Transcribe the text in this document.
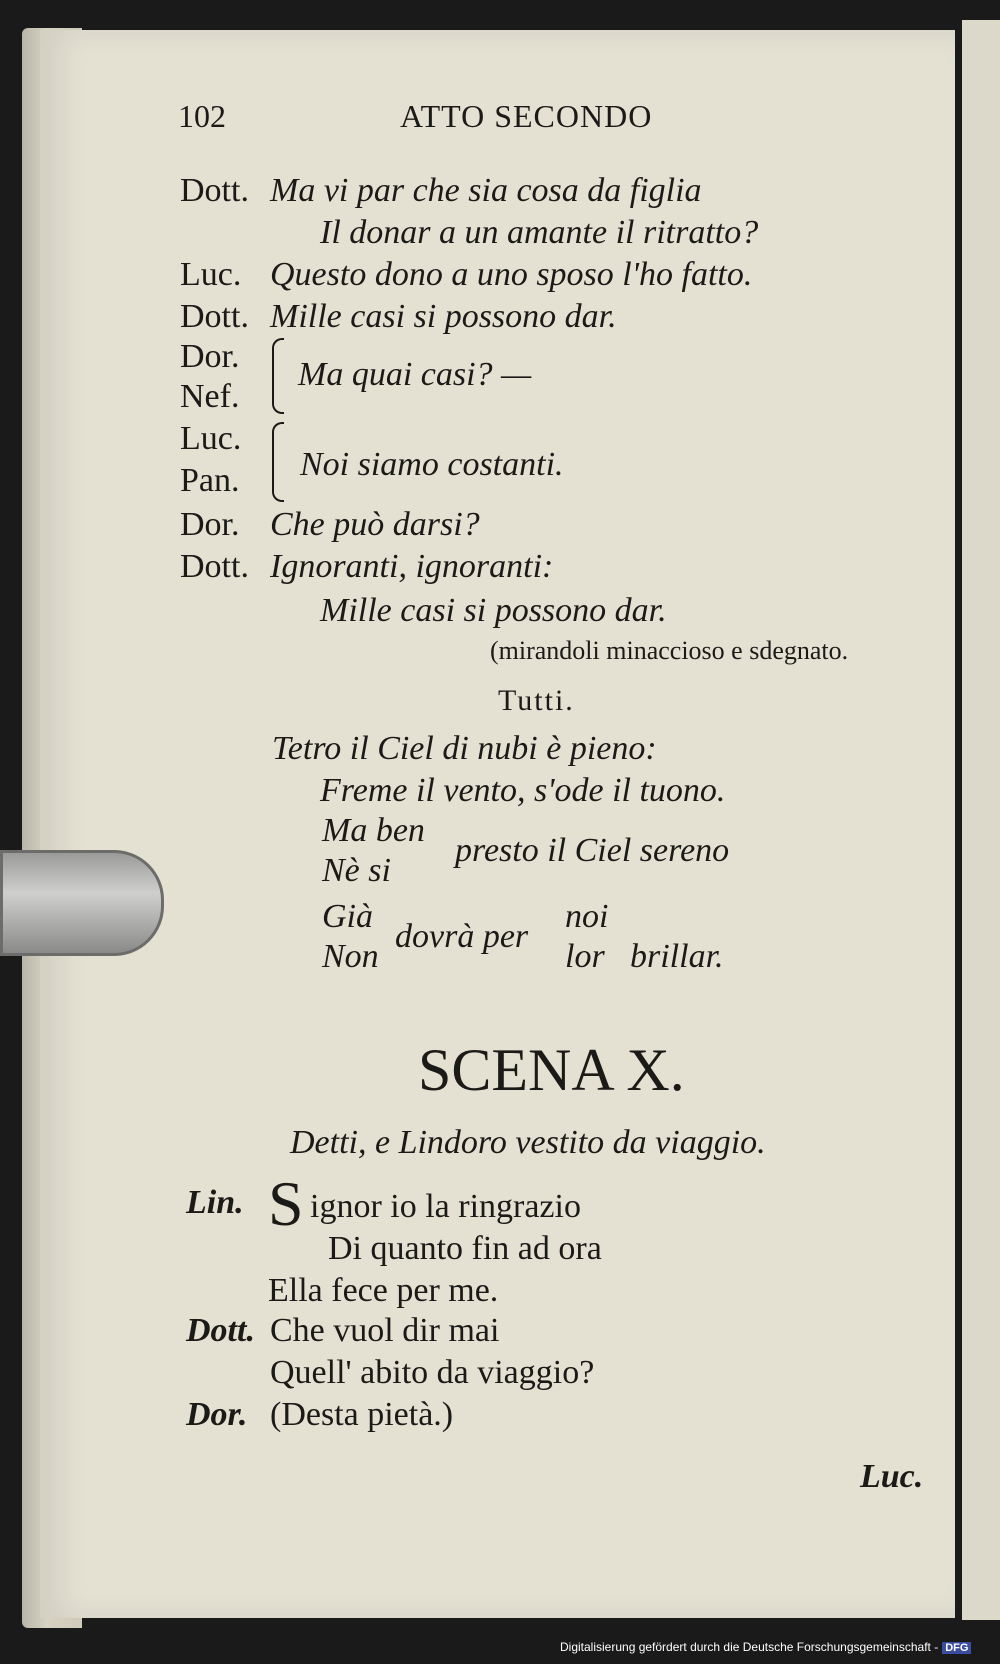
102	ATTO SECONDO
Dott. Ma vi par che sia cosa da figlia
Il donar a un amante il ritratto?
Luc. Questo dono a uno sposo l'ho fatto.
Dott. Mille casi si possono dar.
Dor.
Nef.
Ma quai casi? —
Luc.
Pan. Noi siamo costanti.
Dor. Che può darsi?
Dott. Ignoranti, ignoranti:
Mille casi si possono dar.
(mirandoli minaccioso e sdegnato.
Tutti.
Tetro il Ciel di nubi è pieno:
Freme il vento, s'ode il tuono.
Ma ben
Nè si
presto il Ciel sereno
Già
Non
dovrà per
noi
lor brillar.
SCENA X.
Detti, e Lindoro vestito da viaggio.
Lin. S ignor io la ringrazio
Di quanto fin ad ora
Ella fece per me.
Dott. Che vuol dir mai
Quell' abito da viaggio?
Dor. (Desta pietà.)
Luc.
Digitalisierung gefördert durch die Deutsche Forschungsgemeinschaft - DFG
